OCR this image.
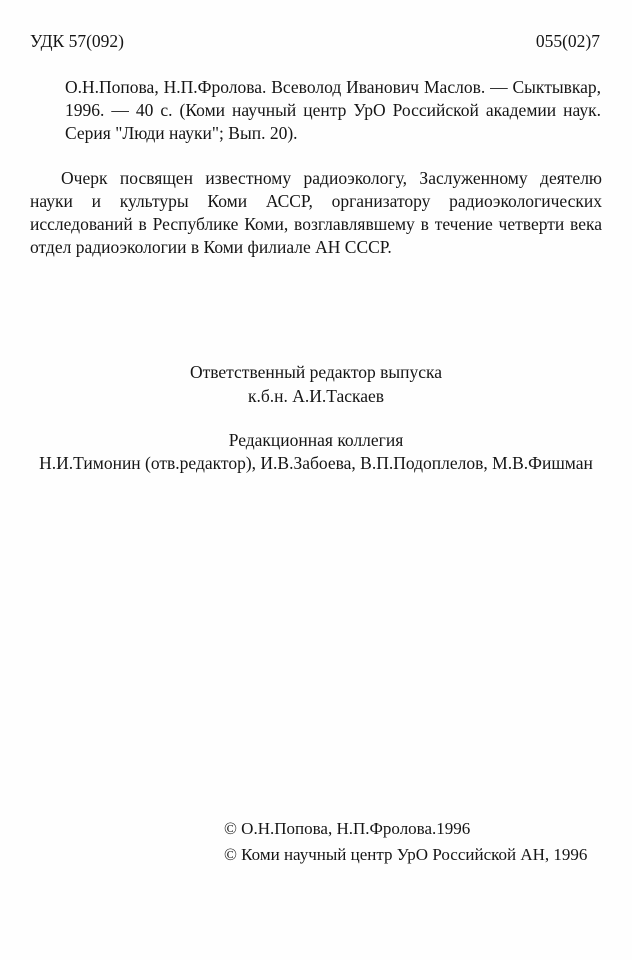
УДК 57(092)	055(02)7

О.Н.Попова, Н.П.Фролова. Всеволод Иванович Маслов. — Сыктывкар, 1996. — 40 с. (Коми научный центр УрО Российской академии наук. Серия "Люди науки"; Вып. 20).

Очерк посвящен известному радиоэкологу, Заслуженному деятелю науки и культуры Коми АССР, организатору радиоэкологических исследований в Республике Коми, возглавлявшему в течение четверти века отдел радиоэкологии в Коми филиале АН СССР.

Ответственный редактор выпуска
к.б.н. А.И.Таскаев
Редакционная коллегия
Н.И.Тимонин (отв.редактор), И.В.Забоева, В.П.Подоплелов, М.В.Фишман
© О.Н.Попова, Н.П.Фролова.1996
© Коми научный центр УрО Российской АН, 1996
